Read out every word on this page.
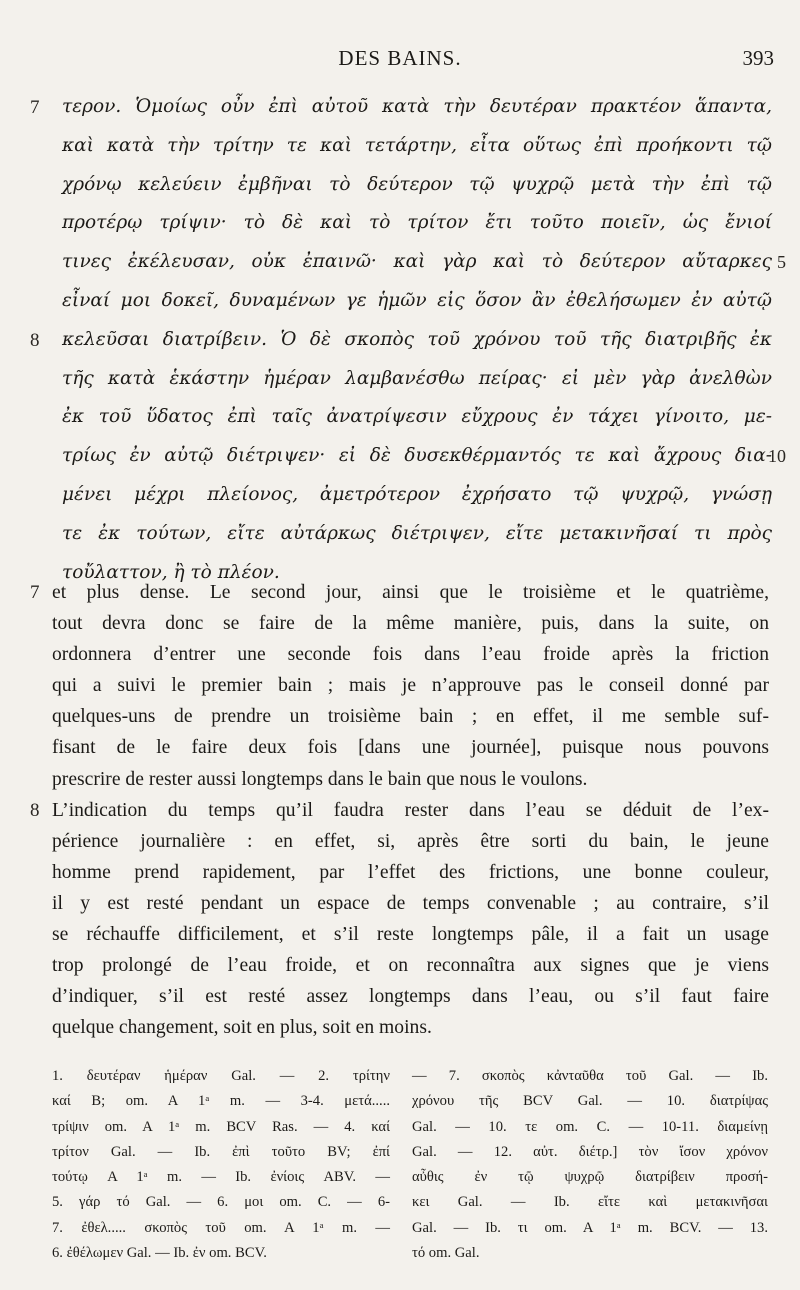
DES BAINS.	393
τερον. Ὁμοίως οὖν ἐπὶ αὐτοῦ κατὰ τὴν δευτέραν πρακτέον ἅπαντα,
καὶ κατὰ τὴν τρίτην τε καὶ τετάρτην, εἶτα οὕτως ἐπὶ προήκοντι τῷ
χρόνῳ κελεύειν ἐμβῆναι τὸ δεύτερον τῷ ψυχρῷ μετὰ τὴν ἐπὶ τῷ
προτέρῳ τρίψιν· τὸ δὲ καὶ τὸ τρίτον ἔτι τοῦτο ποιεῖν, ὡς ἔνιοί
τινες ἐκέλευσαν, οὐκ ἐπαινῶ· καὶ γὰρ καὶ τὸ δεύτερον αὔταρκες
εἶναί μοι δοκεῖ, δυναμένων γε ἡμῶν εἰς ὅσον ἂν ἐθελήσωμεν ἐν αὐτῷ
κελεῦσαι διατρίβειν. Ὁ δὲ σκοπὸς τοῦ χρόνου τοῦ τῆς διατριβῆς ἐκ
τῆς κατὰ ἑκάστην ἡμέραν λαμβανέσθω πείρας· εἰ μὲν γὰρ ἀνελθὼν
ἐκ τοῦ ὕδατος ἐπὶ ταῖς ἀνατρίψεσιν εὔχρους ἐν τάχει γίνοιτο, με-
τρίως ἐν αὐτῷ διέτριψεν· εἰ δὲ δυσεκθέρμαντός τε καὶ ἄχρους δια-
μένει μέχρι πλείονος, ἀμετρότερον ἐχρήσατο τῷ ψυχρῷ, γνώσῃ
τε ἐκ τούτων, εἴτε αὐτάρκως διέτριψεν, εἴτε μετακινῆσαί τι πρὸς
τοὔλαττον, ἢ τὸ πλέον.
7
8
5
10
et plus dense. Le second jour, ainsi que le troisième et le quatrième,
tout devra donc se faire de la même manière, puis, dans la suite, on
ordonnera d’entrer une seconde fois dans l’eau froide après la friction
qui a suivi le premier bain ; mais je n’approuve pas le conseil donné par
quelques-uns de prendre un troisième bain ; en effet, il me semble suf-
fisant de le faire deux fois [dans une journée], puisque nous pouvons
prescrire de rester aussi longtemps dans le bain que nous le voulons.
L’indication du temps qu’il faudra rester dans l’eau se déduit de l’ex-
périence journalière : en effet, si, après être sorti du bain, le jeune
homme prend rapidement, par l’effet des frictions, une bonne couleur,
il y est resté pendant un espace de temps convenable ; au contraire, s’il
se réchauffe difficilement, et s’il reste longtemps pâle, il a fait un usage
trop prolongé de l’eau froide, et on reconnaîtra aux signes que je viens
d’indiquer, s’il est resté assez longtemps dans l’eau, ou s’il faut faire
quelque changement, soit en plus, soit en moins.
7
8
1. δευτέραν ἡμέραν Gal. — 2. τρίτην
καί B; om. A 1ᵃ m. — 3-4. μετά.....
τρίψιν om. A 1ᵃ m. BCV Ras. — 4. καί
τρίτον Gal. — Ib. ἐπὶ τοῦτο BV; ἐπί
τούτῳ A 1ᵃ m. — Ib. ἐνίοις ABV. —
5. γάρ τό Gal. — 6. μοι om. C. — 6-
7. ἐθελ..... σκοπὸς τοῦ om. A 1ᵃ m. —
6. ἐθέλωμεν Gal. — Ib. ἐν om. BCV.
— 7. σκοπὸς κἀνταῦθα τοῦ Gal. — Ib.
χρόνου τῆς BCV Gal. — 10. διατρίψας
Gal. — 10. τε om. C. — 10-11. διαμείνῃ
Gal. — 12. αὐτ. διέτρ.] τὸν ἴσον χρόνον
αὖθις ἐν τῷ ψυχρῷ διατρίβειν προσή-
κει Gal. — Ib. εἴτε καὶ μετακινῆσαι
Gal. — Ib. τι om. A 1ᵃ m. BCV. — 13.
τό om. Gal.
